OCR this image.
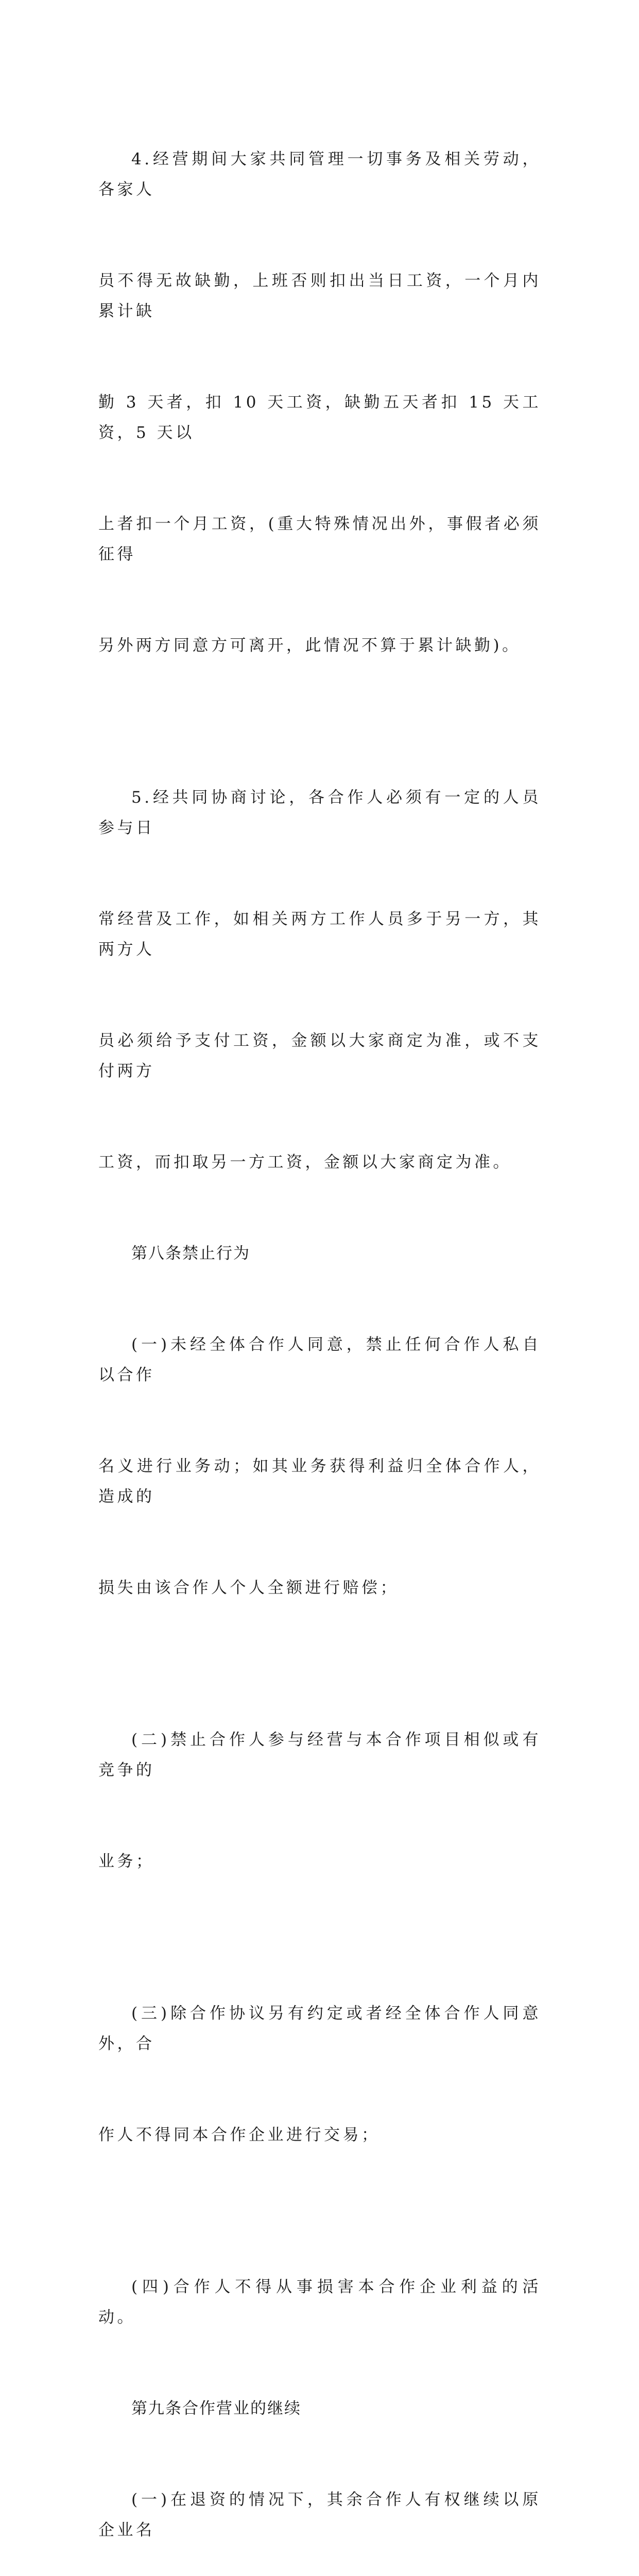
4.经营期间大家共同管理一切事务及相关劳动，各家人

员不得无故缺勤，上班否则扣出当日工资，一个月内累计缺

勤 3 天者，扣 10 天工资，缺勤五天者扣 15 天工资，5 天以

上者扣一个月工资，(重大特殊情况出外，事假者必须征得

另外两方同意方可离开，此情况不算于累计缺勤)。

5.经共同协商讨论，各合作人必须有一定的人员参与日

常经营及工作，如相关两方工作人员多于另一方，其两方人

员必须给予支付工资，金额以大家商定为准，或不支付两方

工资，而扣取另一方工资，金额以大家商定为准。

第八条禁止行为

(一)未经全体合作人同意，禁止任何合作人私自以合作

名义进行业务动；如其业务获得利益归全体合作人，造成的

损失由该合作人个人全额进行赔偿；

(二)禁止合作人参与经营与本合作项目相似或有竞争的

业务；

(三)除合作协议另有约定或者经全体合作人同意外，合

作人不得同本合作企业进行交易；

(四)合作人不得从事损害本合作企业利益的活动。

第九条合作营业的继续

(一)在退资的情况下，其余合作人有权继续以原企业名
